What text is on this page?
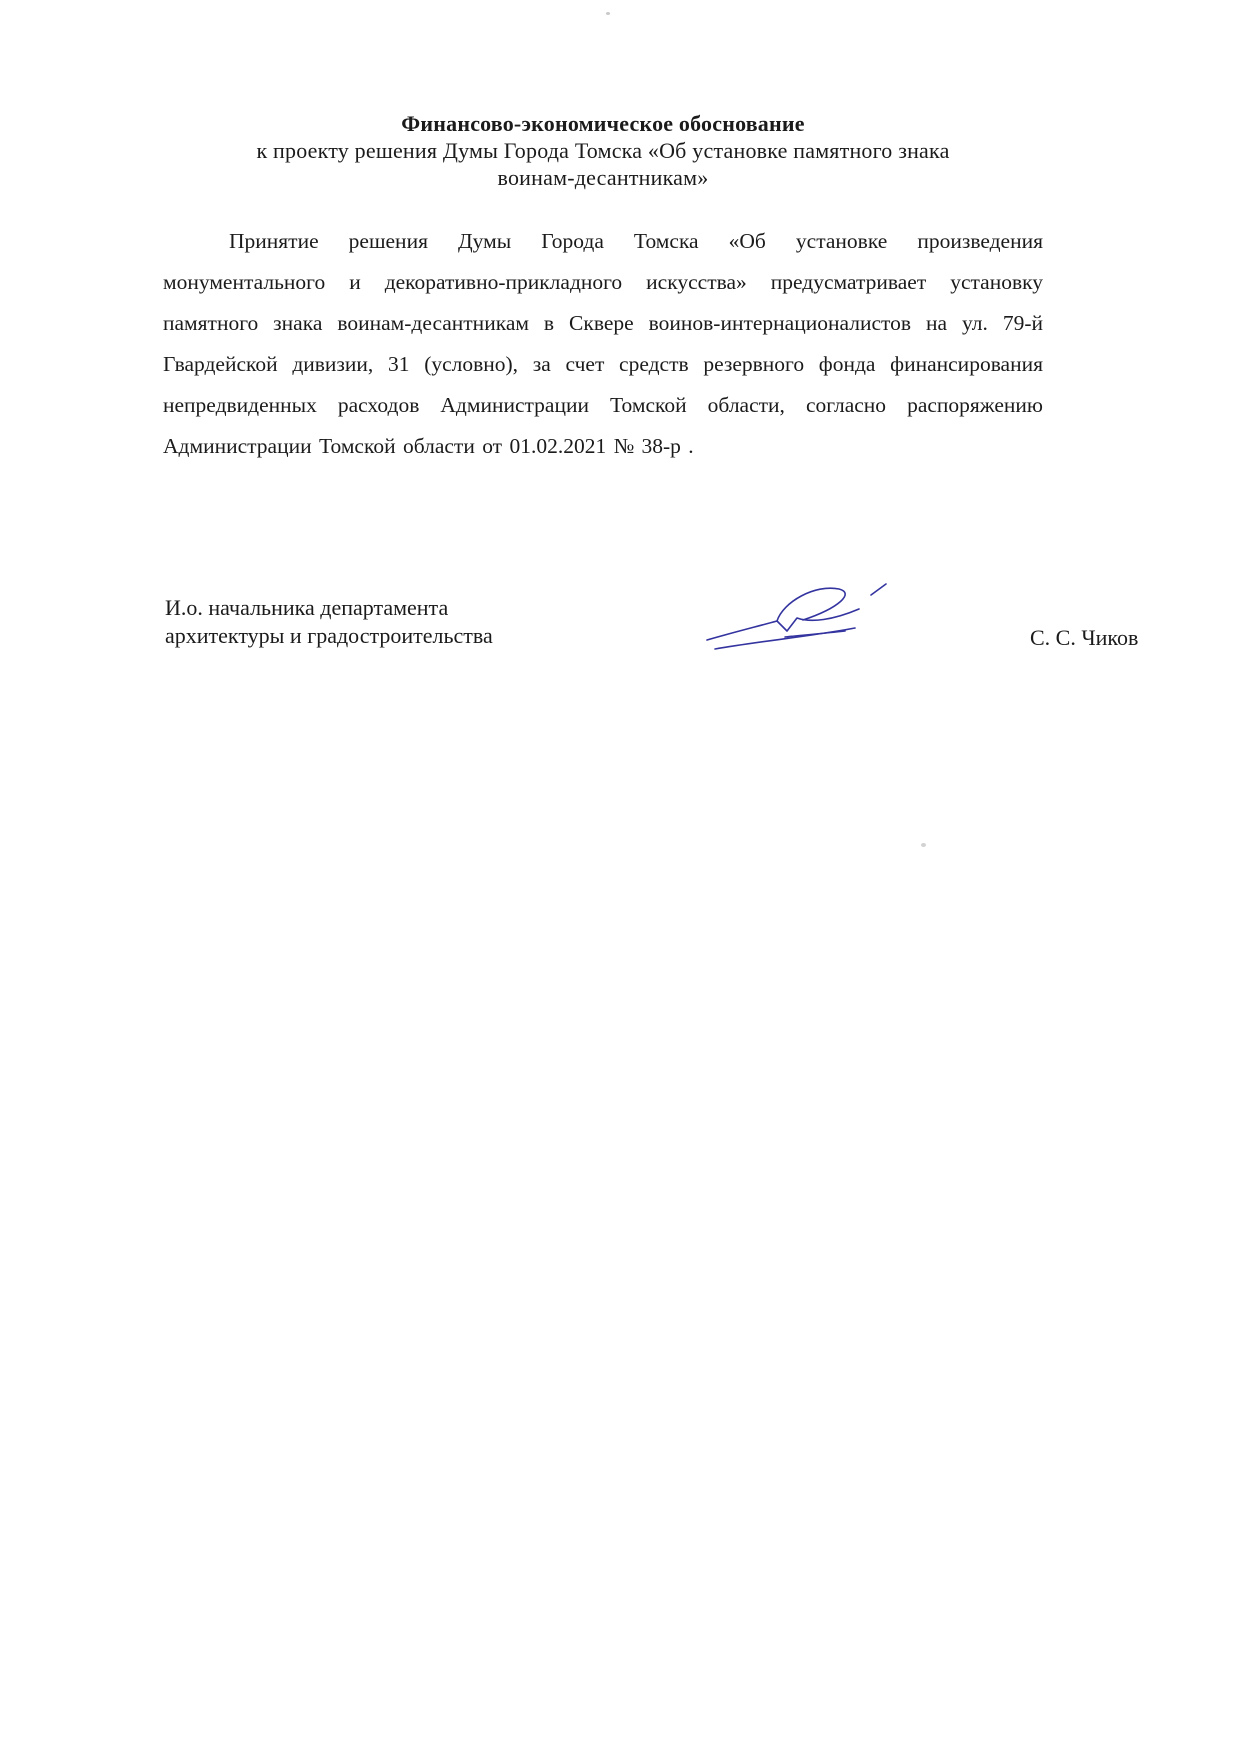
Финансово-экономическое обоснование
к проекту решения Думы Города Томска «Об установке памятного знака
воинам-десантникам»
Принятие решения Думы Города Томска «Об установке произведения монументального и декоративно-прикладного искусства» предусматривает установку памятного знака воинам-десантникам в Сквере воинов-интернационалистов на ул. 79-й Гвардейской дивизии, 31 (условно), за счет средств резервного фонда финансирования непредвиденных расходов Администрации Томской области, согласно распоряжению Администрации Томской области от 01.02.2021 № 38-р .
И.о. начальника департамента
архитектуры и градостроительства	С. С. Чиков
